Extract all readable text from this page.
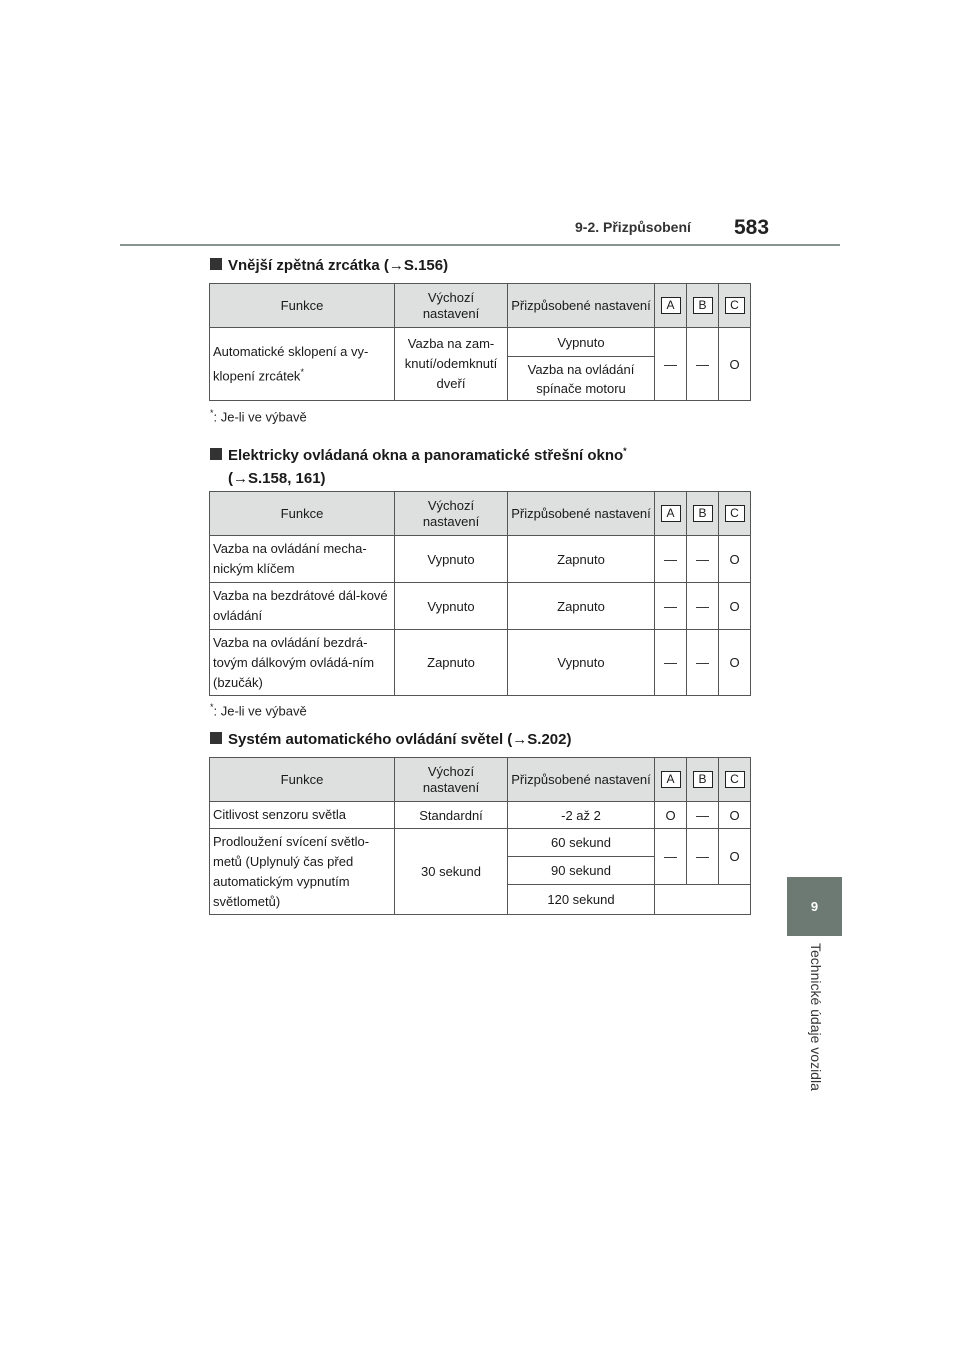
9-2. Přizpůsobení 583
9
Technické údaje vozidla
Vnější zpětná zrcátka (→S.156)
Funkce	Výchozí nastavení	Přizpůsobené nastavení	A	B	C
Automatické sklopení a vy-klopení zrcátek*	Vazba na zam-knutí/odemknutí dveří	Vypnuto	—	—	O
		Vazba na ovládání spínače motoru			
*: Je-li ve výbavě
Elektricky ovládaná okna a panoramatické střešní okno*
(→S.158, 161)
Funkce	Výchozí nastavení	Přizpůsobené nastavení	A	B	C
Vazba na ovládání mecha-nickým klíčem	Vypnuto	Zapnuto	—	—	O
Vazba na bezdrátové dál-kové ovládání	Vypnuto	Zapnuto	—	—	O
Vazba na ovládání bezdrá-tovým dálkovým ovládá-ním (bzučák)	Zapnuto	Vypnuto	—	—	O
*: Je-li ve výbavě
Systém automatického ovládání světel (→S.202)
Funkce	Výchozí nastavení	Přizpůsobené nastavení	A	B	C
Citlivost senzoru světla	Standardní	-2 až 2	O	—	O
Prodloužení svícení světlo-metů (Uplynulý čas před automatickým vypnutím světlometů)	30 sekund	60 sekund	—	—	O
		90 sekund			
		120 sekund			
